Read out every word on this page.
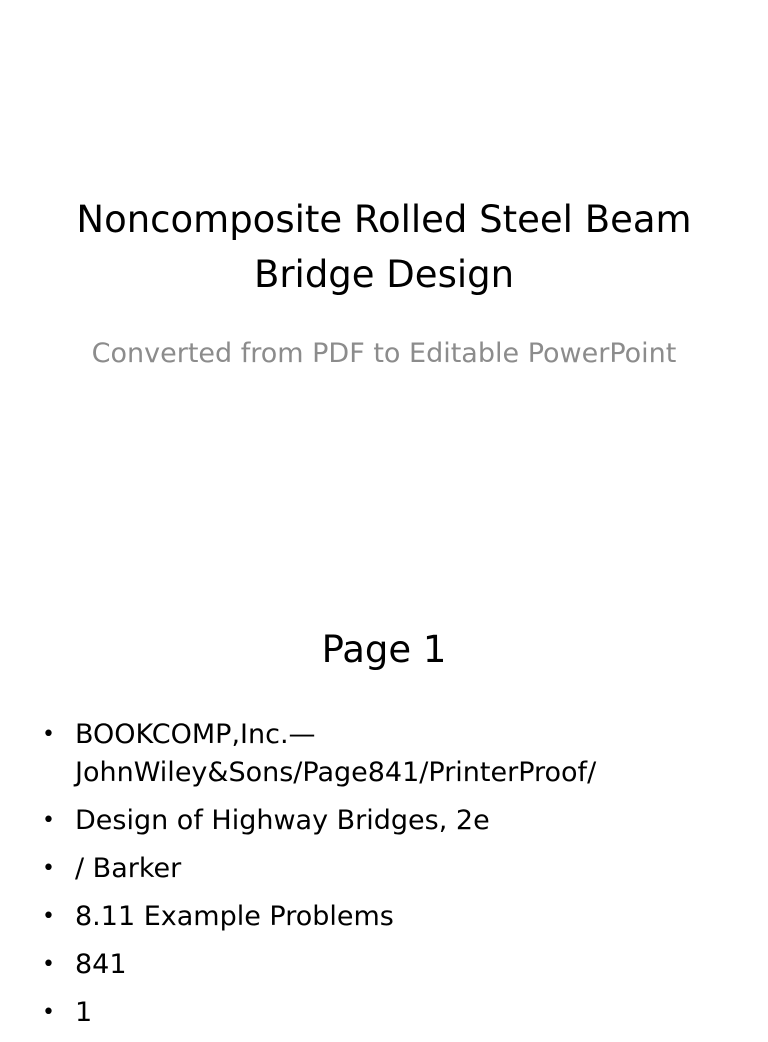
Noncomposite Rolled Steel Beam Bridge Design

Converted from PDF to Editable PowerPoint

Page 1
• BOOKCOMP,Inc.—JohnWiley&Sons/Page841/PrinterProof/
• Design of Highway Bridges, 2e
• / Barker
• 8.11 Example Problems
• 841
• 1
